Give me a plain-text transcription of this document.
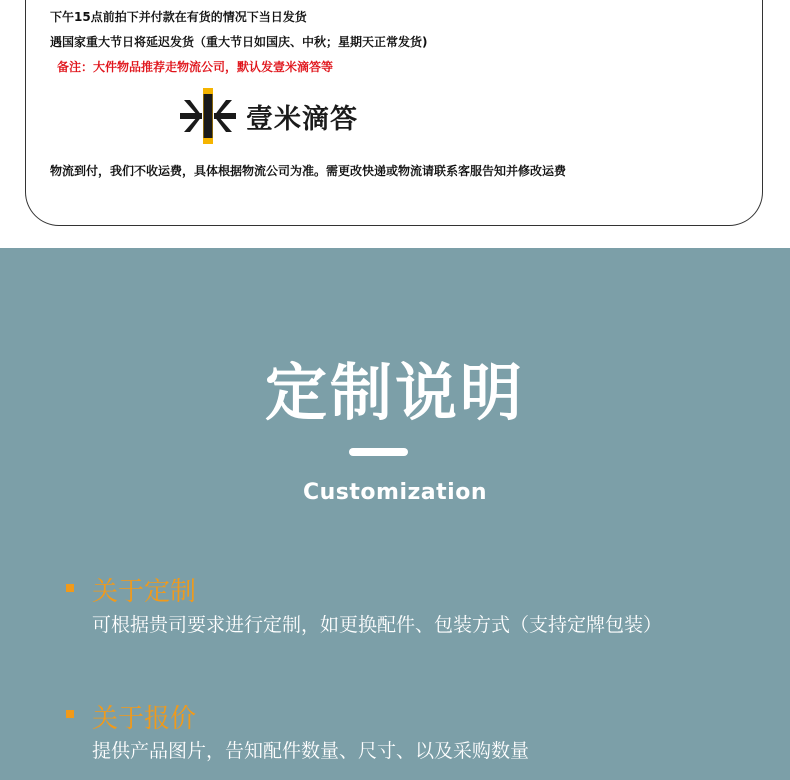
下午15点前拍下并付款在有货的情况下当日发货
遇国家重大节日将延迟发货（重大节日如国庆、中秋；星期天正常发货)
备注：大件物品推荐走物流公司，默认发壹米滴答等
壹米滴答
物流到付，我们不收运费，具体根据物流公司为准。需更改快递或物流请联系客服告知并修改运费
定制说明
Customization
关于定制
可根据贵司要求进行定制，如更换配件、包装方式（支持定牌包装）
关于报价
提供产品图片，告知配件数量、尺寸、以及采购数量
